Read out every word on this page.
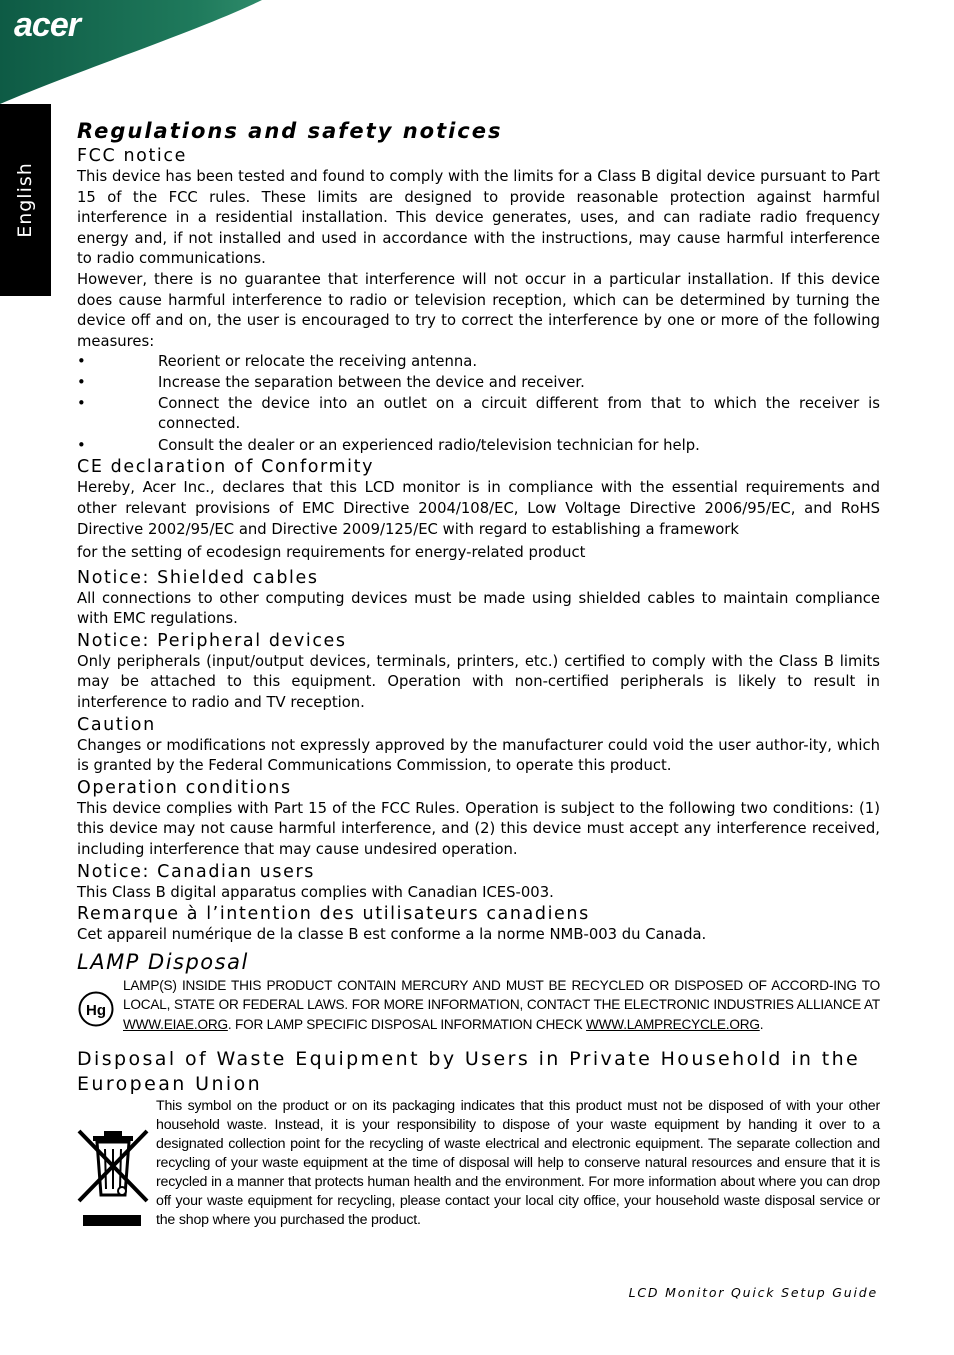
acer
English
Regulations and safety notices
FCC notice

This device has been tested and found to comply with the limits for a Class B digital device pursuant to Part 15 of the FCC rules. These limits are designed to provide reasonable protection against harmful interference in a residential installation. This device generates, uses, and can radiate radio frequency energy and, if not installed and used in accordance with the instructions, may cause harmful interference to radio communications.

However, there is no guarantee that interference will not occur in a particular installation. If this device does cause harmful interference to radio or television reception, which can be determined by turning the device off and on, the user is encouraged to try to correct the interference by one or more of the following measures:

•	Reorient or relocate the receiving antenna.
•	Increase the separation between the device and receiver.
•	Connect the device into an outlet on a circuit different from that to which the receiver is connected.
•	Consult the dealer or an experienced radio/television technician for help.
CE declaration of Conformity

Hereby, Acer Inc., declares that this LCD monitor is in compliance with the essential requirements and other relevant provisions of EMC Directive 2004/108/EC, Low Voltage Directive 2006/95/EC, and RoHS Directive 2002/95/EC and Directive 2009/125/EC with regard to establishing a framework

for the setting of ecodesign requirements for energy-related product

Notice: Shielded cables

All connections to other computing devices must be made using shielded cables to maintain compliance with EMC regulations.

Notice: Peripheral devices

Only peripherals (input/output devices, terminals, printers, etc.) certified to comply with the Class B limits may be attached to this equipment. Operation with non-certified peripherals is likely to result in interference to radio and TV reception.

Caution

Changes or modifications not expressly approved by the manufacturer could void the user author-ity, which is granted by the Federal Communications Commission, to operate this product.

Operation conditions

This device complies with Part 15 of the FCC Rules. Operation is subject to the following two conditions: (1) this device may not cause harmful interference, and (2) this device must accept any interference received, including interference that may cause undesired operation.

Notice: Canadian users

This Class B digital apparatus complies with Canadian ICES-003.

Remarque à l’intention des utilisateurs canadiens

Cet appareil numérique de la classe B est conforme a la norme NMB-003 du Canada.

LAMP Disposal
Hg
LAMP(S) INSIDE THIS PRODUCT CONTAIN MERCURY AND MUST BE RECYCLED OR DISPOSED OF ACCORD-ING TO LOCAL, STATE OR FEDERAL LAWS. FOR MORE INFORMATION, CONTACT THE ELECTRONIC INDUSTRIES ALLIANCE AT WWW.EIAE.ORG. FOR LAMP SPECIFIC DISPOSAL INFORMATION CHECK WWW.LAMPRECYCLE.ORG.
Disposal of Waste Equipment by Users in Private Household in the European Union
This symbol on the product or on its packaging indicates that this product must not be disposed of with your other household waste. Instead, it is your responsibility to dispose of your waste equipment by handing it over to a designated collection point for the recycling of waste electrical and electronic equipment. The separate collection and recycling of your waste equipment at the time of disposal will help to conserve natural resources and ensure that it is recycled in a manner that protects human health and the environment. For more information about where you can drop off your waste equipment for recycling, please contact your local city office, your household waste disposal service or the shop where you purchased the product.
LCD Monitor Quick Setup Guide
